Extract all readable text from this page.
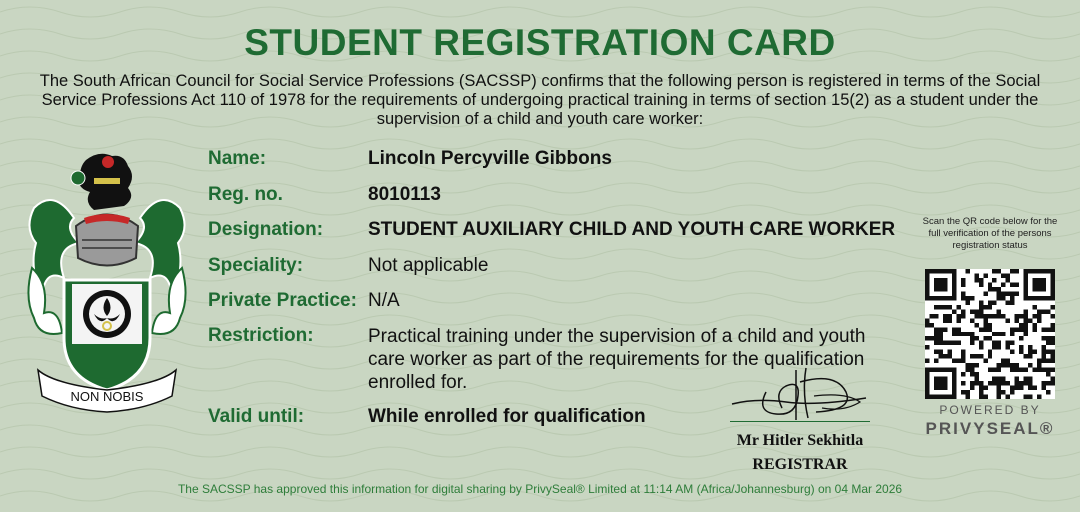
STUDENT REGISTRATION CARD
The South African Council for Social Service Professions (SACSSP) confirms that the following person is registered in terms of the Social Service Professions Act 110 of 1978 for the requirements of undergoing practical training in terms of section 15(2) as a student under the supervision of a child and youth care worker:
NON NOBIS
Name:	Lincoln Percyville Gibbons
Reg. no.	8010113
Designation: STUDENT AUXILIARY CHILD AND YOUTH CARE WORKER
Speciality:	Not applicable
Private Practice: N/A
Restriction:	Practical training under the supervision of a child and youth care worker as part of the requirements for the qualification enrolled for.
Valid until:	While enrolled for qualification
Mr Hitler Sekhitla
REGISTRAR
Scan the QR code below for the full verification of the persons registration status
POWERED BY
PRIVYSEAL®
The SACSSP has approved this information for digital sharing by PrivySeal® Limited at 11:14 AM (Africa/Johannesburg) on 04 Mar 2026
